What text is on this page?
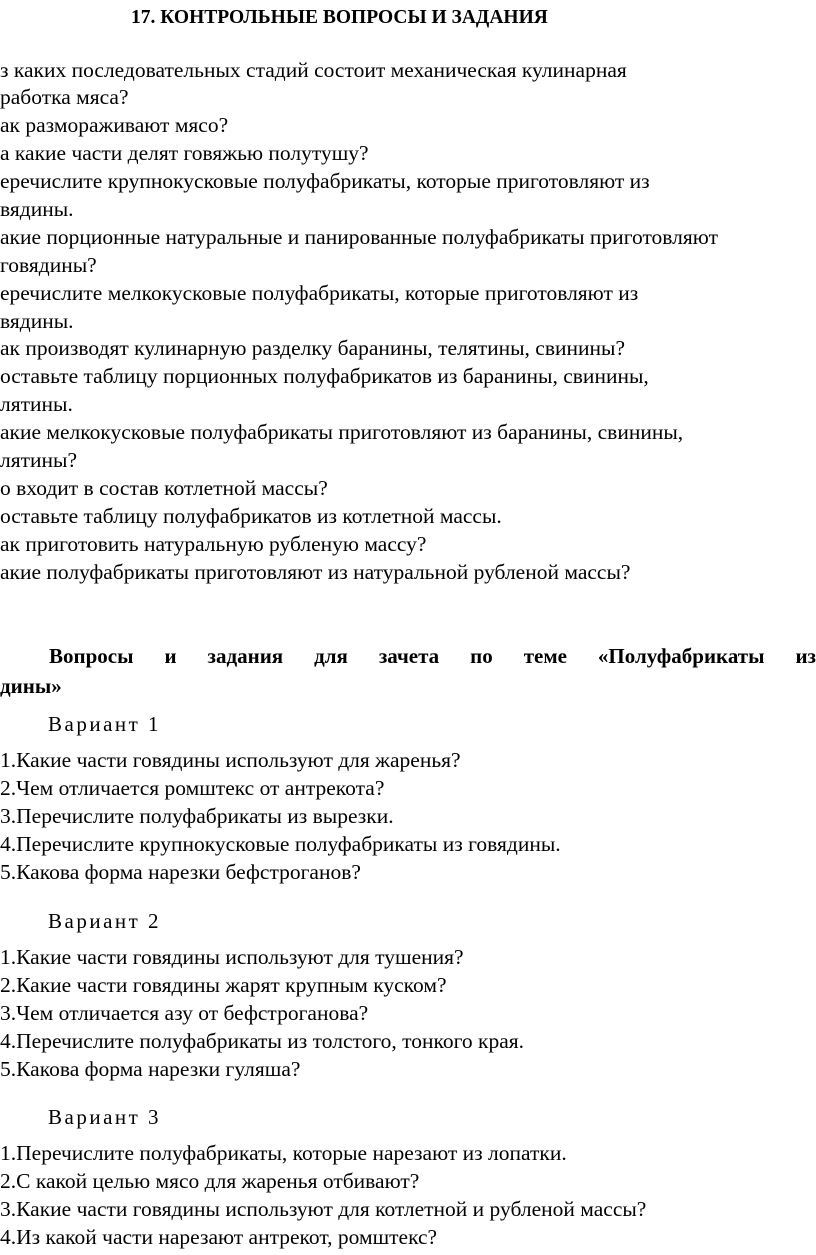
17. КОНТРОЛЬНЫЕ ВОПРОСЫ И ЗАДАНИЯ
з каких последовательных стадий состоит механическая кулинарная
работка мяса?
ак размораживают мясо?
а какие части делят говяжью полутушу?
еречислите крупнокусковые полуфабрикаты, которые приготовляют из
вядины.
акие порционные натуральные и панированные полуфабрикаты приготовляют
говядины?
еречислите мелкокусковые полуфабрикаты, которые приготовляют из
вядины.
ак производят кулинарную разделку баранины, телятины, свинины?
оставьте таблицу порционных полуфабрикатов из баранины, свинины,
лятины.
акие мелкокусковые полуфабрикаты приготовляют из баранины, свинины,
лятины?
о входит в состав котлетной массы?
оставьте таблицу полуфабрикатов из котлетной массы.
ак приготовить натуральную рубленую массу?
акие полуфабрикаты приготовляют из натуральной рубленой массы?
Вопросы и задания для зачета по теме «Полуфабрикаты из
дины»
Вариант 1
1.Какие части говядины используют для жаренья?
2.Чем отличается ромштекс от антрекота?
3.Перечислите полуфабрикаты из вырезки.
4.Перечислите крупнокусковые полуфабрикаты из говядины.
5.Какова форма нарезки бефстроганов?
Вариант 2
1.Какие части говядины используют для тушения?
2.Какие части говядины жарят крупным куском?
3.Чем отличается азу от бефстроганова?
4.Перечислите полуфабрикаты из толстого, тонкого края.
5.Какова форма нарезки гуляша?
Вариант 3
1.Перечислите полуфабрикаты, которые нарезают из лопатки.
2.С какой целью мясо для жаренья отбивают?
3.Какие части говядины используют для котлетной и рубленой массы?
4.Из какой части нарезают антрекот, ромштекс?
